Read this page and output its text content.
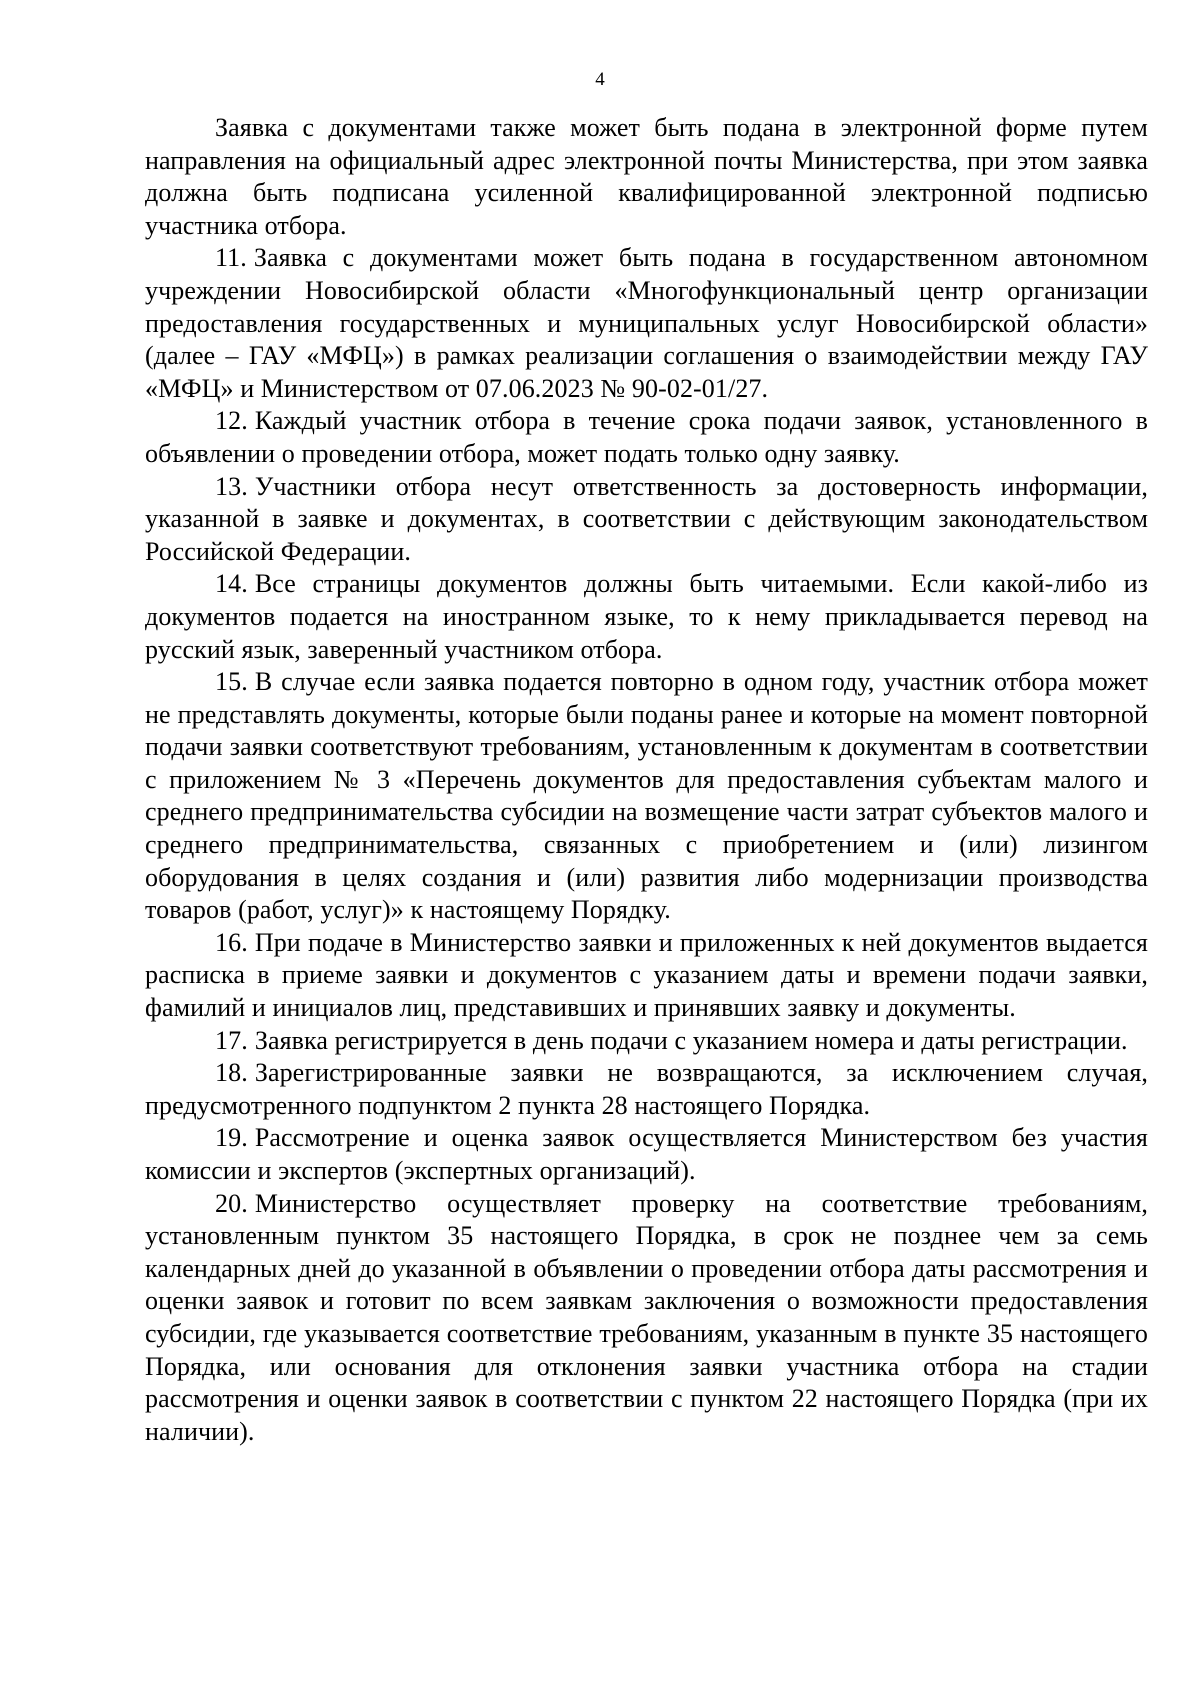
4

Заявка с документами также может быть подана в электронной форме путем направления на официальный адрес электронной почты Министерства, при этом заявка должна быть подписана усиленной квалифицированной электронной подписью участника отбора.

11. Заявка с документами может быть подана в государственном автономном учреждении Новосибирской области «Многофункциональный центр организации предоставления государственных и муниципальных услуг Новосибирской области» (далее – ГАУ «МФЦ») в рамках реализации соглашения о взаимодействии между ГАУ «МФЦ» и Министерством от 07.06.2023 № 90-02-01/27.

12. Каждый участник отбора в течение срока подачи заявок, установленного в объявлении о проведении отбора, может подать только одну заявку.

13. Участники отбора несут ответственность за достоверность информации, указанной в заявке и документах, в соответствии с действующим законодательством Российской Федерации.

14. Все страницы документов должны быть читаемыми. Если какой-либо из документов подается на иностранном языке, то к нему прикладывается перевод на русский язык, заверенный участником отбора.

15. В случае если заявка подается повторно в одном году, участник отбора может не представлять документы, которые были поданы ранее и которые на момент повторной подачи заявки соответствуют требованиям, установленным к документам в соответствии с приложением № 3 «Перечень документов для предоставления субъектам малого и среднего предпринимательства субсидии на возмещение части затрат субъектов малого и среднего предпринимательства, связанных с приобретением и (или) лизингом оборудования в целях создания и (или) развития либо модернизации производства товаров (работ, услуг)» к настоящему Порядку.

16. При подаче в Министерство заявки и приложенных к ней документов выдается расписка в приеме заявки и документов с указанием даты и времени подачи заявки, фамилий и инициалов лиц, представивших и принявших заявку и документы.

17. Заявка регистрируется в день подачи с указанием номера и даты регистрации.

18. Зарегистрированные заявки не возвращаются, за исключением случая, предусмотренного подпунктом 2 пункта 28 настоящего Порядка.

19. Рассмотрение и оценка заявок осуществляется Министерством без участия комиссии и экспертов (экспертных организаций).

20. Министерство осуществляет проверку на соответствие требованиям, установленным пунктом 35 настоящего Порядка, в срок не позднее чем за семь календарных дней до указанной в объявлении о проведении отбора даты рассмотрения и оценки заявок и готовит по всем заявкам заключения о возможности предоставления субсидии, где указывается соответствие требованиям, указанным в пункте 35 настоящего Порядка, или основания для отклонения заявки участника отбора на стадии рассмотрения и оценки заявок в соответствии с пунктом 22 настоящего Порядка (при их наличии).
